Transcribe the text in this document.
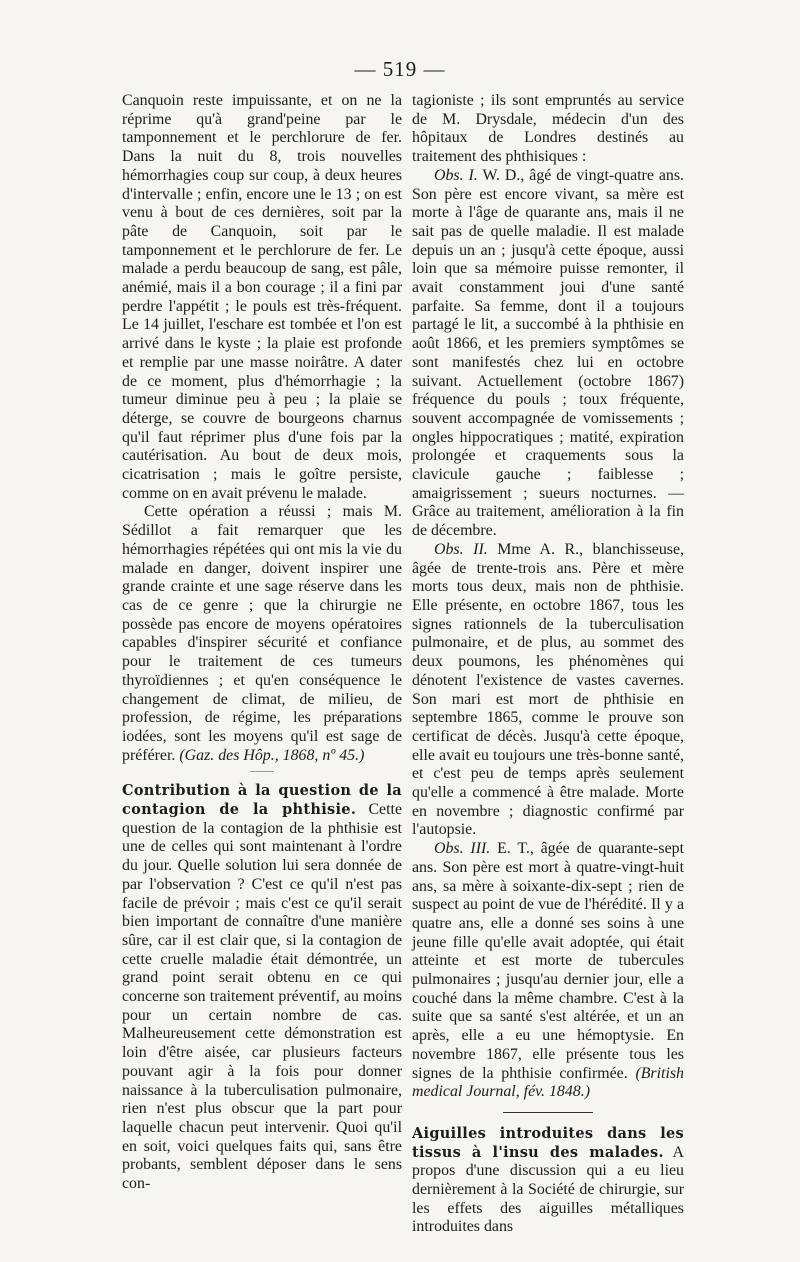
— 519 —

Canquoin reste impuissante, et on ne la réprime qu'à grand'peine par le tamponnement et le perchlorure de fer. Dans la nuit du 8, trois nouvelles hémorrhagies coup sur coup, à deux heures d'intervalle ; enfin, encore une le 13 ; on est venu à bout de ces dernières, soit par la pâte de Canquoin, soit par le tamponnement et le perchlorure de fer. Le malade a perdu beaucoup de sang, est pâle, anémié, mais il a bon courage ; il a fini par perdre l'appétit ; le pouls est très-fréquent. Le 14 juillet, l'eschare est tombée et l'on est arrivé dans le kyste ; la plaie est profonde et remplie par une masse noirâtre. A dater de ce moment, plus d'hémorrhagie ; la tumeur diminue peu à peu ; la plaie se déterge, se couvre de bourgeons charnus qu'il faut réprimer plus d'une fois par la cautérisation. Au bout de deux mois, cicatrisation ; mais le goître persiste, comme on en avait prévenu le malade.

Cette opération a réussi ; mais M. Sédillot a fait remarquer que les hémorrhagies répétées qui ont mis la vie du malade en danger, doivent inspirer une grande crainte et une sage réserve dans les cas de ce genre ; que la chirurgie ne possède pas encore de moyens opératoires capables d'inspirer sécurité et confiance pour le traitement de ces tumeurs thyroïdiennes ; et qu'en conséquence le changement de climat, de milieu, de profession, de régime, les préparations iodées, sont les moyens qu'il est sage de préférer. (Gaz. des Hôp., 1868, nº 45.)

Contribution à la question de la contagion de la phthisie. Cette question de la contagion de la phthisie est une de celles qui sont maintenant à l'ordre du jour. Quelle solution lui sera donnée de par l'observation ? C'est ce qu'il n'est pas facile de prévoir ; mais c'est ce qu'il serait bien important de connaître d'une manière sûre, car il est clair que, si la contagion de cette cruelle maladie était démontrée, un grand point serait obtenu en ce qui concerne son traitement préventif, au moins pour un certain nombre de cas. Malheureusement cette démonstration est loin d'être aisée, car plusieurs facteurs pouvant agir à la fois pour donner naissance à la tuberculisation pulmonaire, rien n'est plus obscur que la part pour laquelle chacun peut intervenir. Quoi qu'il en soit, voici quelques faits qui, sans être probants, semblent déposer dans le sens con-

tagioniste ; ils sont empruntés au service de M. Drysdale, médecin d'un des hôpitaux de Londres destinés au traitement des phthisiques :

Obs. I. W. D., âgé de vingt-quatre ans. Son père est encore vivant, sa mère est morte à l'âge de quarante ans, mais il ne sait pas de quelle maladie. Il est malade depuis un an ; jusqu'à cette époque, aussi loin que sa mémoire puisse remonter, il avait constamment joui d'une santé parfaite. Sa femme, dont il a toujours partagé le lit, a succombé à la phthisie en août 1866, et les premiers symptômes se sont manifestés chez lui en octobre suivant. Actuellement (octobre 1867) fréquence du pouls ; toux fréquente, souvent accompagnée de vomissements ; ongles hippocratiques ; matité, expiration prolongée et craquements sous la clavicule gauche ; faiblesse ; amaigrissement ; sueurs nocturnes. — Grâce au traitement, amélioration à la fin de décembre.

Obs. II. Mme A. R., blanchisseuse, âgée de trente-trois ans. Père et mère morts tous deux, mais non de phthisie. Elle présente, en octobre 1867, tous les signes rationnels de la tuberculisation pulmonaire, et de plus, au sommet des deux poumons, les phénomènes qui dénotent l'existence de vastes cavernes. Son mari est mort de phthisie en septembre 1865, comme le prouve son certificat de décès. Jusqu'à cette époque, elle avait eu toujours une très-bonne santé, et c'est peu de temps après seulement qu'elle a commencé à être malade. Morte en novembre ; diagnostic confirmé par l'autopsie.

Obs. III. E. T., âgée de quarante-sept ans. Son père est mort à quatre-vingt-huit ans, sa mère à soixante-dix-sept ; rien de suspect au point de vue de l'hérédité. Il y a quatre ans, elle a donné ses soins à une jeune fille qu'elle avait adoptée, qui était atteinte et est morte de tubercules pulmonaires ; jusqu'au dernier jour, elle a couché dans la même chambre. C'est à la suite que sa santé s'est altérée, et un an après, elle a eu une hémoptysie. En novembre 1867, elle présente tous les signes de la phthisie confirmée. (British medical Journal, fév. 1848.)

Aiguilles introduites dans les tissus à l'insu des malades. A propos d'une discussion qui a eu lieu dernièrement à la Société de chirurgie, sur les effets des aiguilles métalliques introduites dans
